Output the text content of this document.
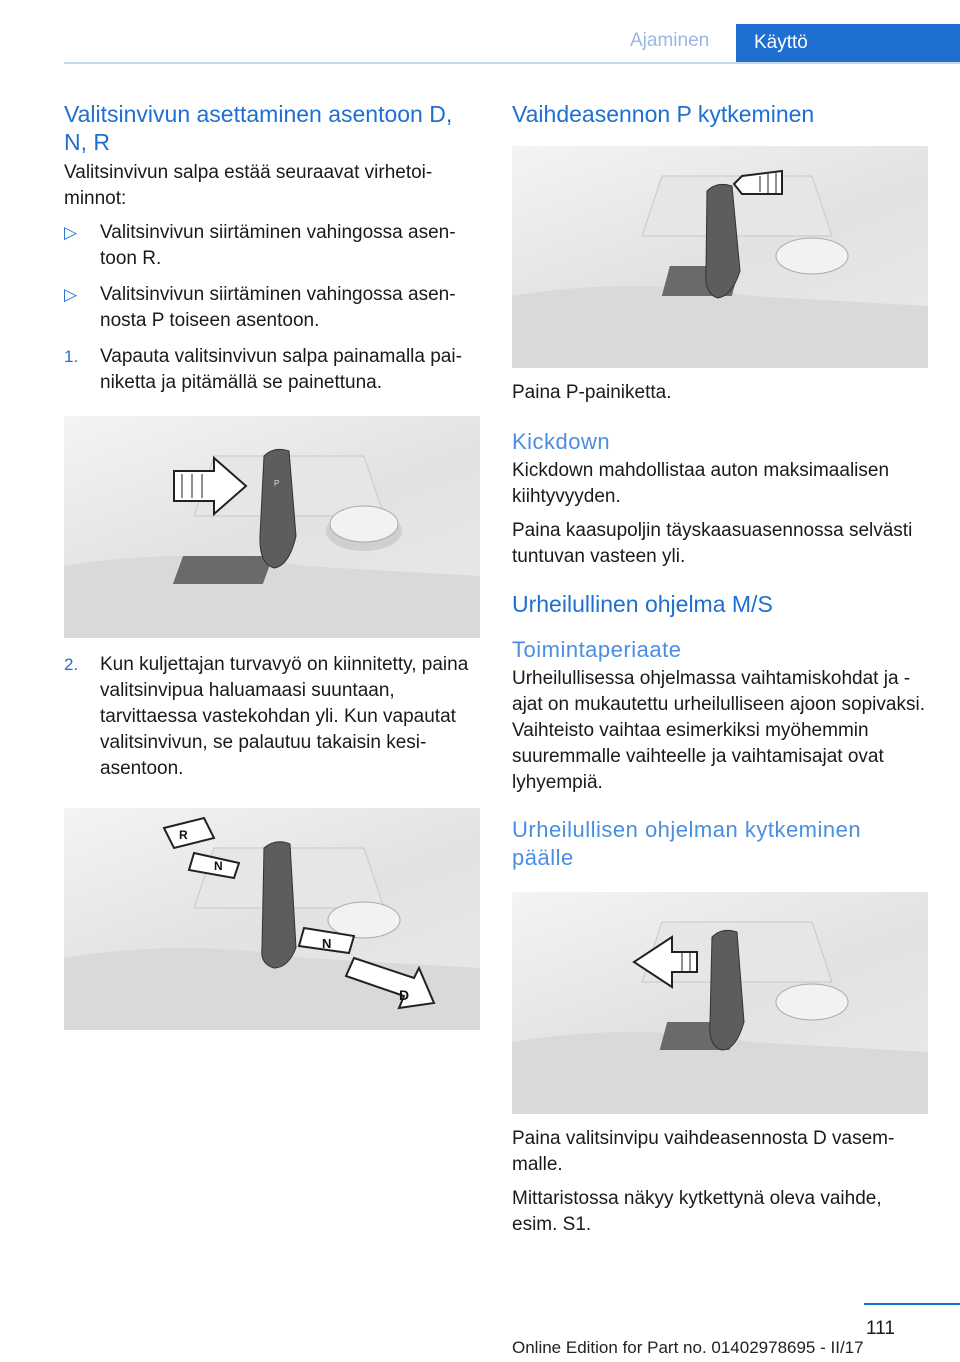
Ajaminen	Käyttö
Valitsinvivun asettaminen asentoon D, N, R

Valitsinvivun salpa estää seuraavat virhetoiminnot:

▷ Valitsinvivun siirtäminen vahingossa asentoon R.
▷ Valitsinvivun siirtäminen vahingossa asennosta P toiseen asentoon.
1. Vapauta valitsinvivun salpa painamalla painiketta ja pitämällä se painettuna.
P
2. Kun kuljettajan turvavyö on kiinnitetty, paina valitsinvipua haluamaasi suuntaan, tarvittaessa vastekohdan yli. Kun vapautat valitsinvivun, se palautuu takaisin kesiasentoon.
R
N
N
D
Vaihdeasennon P kytkeminen

Paina P-painiketta.

Kickdown

Kickdown mahdollistaa auton maksimaalisen kiihtyvyyden.

Paina kaasupoljin täyskaasuasennossa selvästi tuntuvan vasteen yli.

Urheilullinen ohjelma M/S
Toimintaperiaate

Urheilullisessa ohjelmassa vaihtamiskohdat ja -ajat on mukautettu urheilulliseen ajoon sopivaksi. Vaihteisto vaihtaa esimerkiksi myöhemmin suuremmalle vaihteelle ja vaihtamisajat ovat lyhyempiä.

Urheilullisen ohjelman kytkeminen päälle

Paina valitsinvipu vaihdeasennosta D vasemmalle.

Mittaristossa näkyy kytkettynä oleva vaihde, esim. S1.

111
Online Edition for Part no. 01402978695 - II/17
